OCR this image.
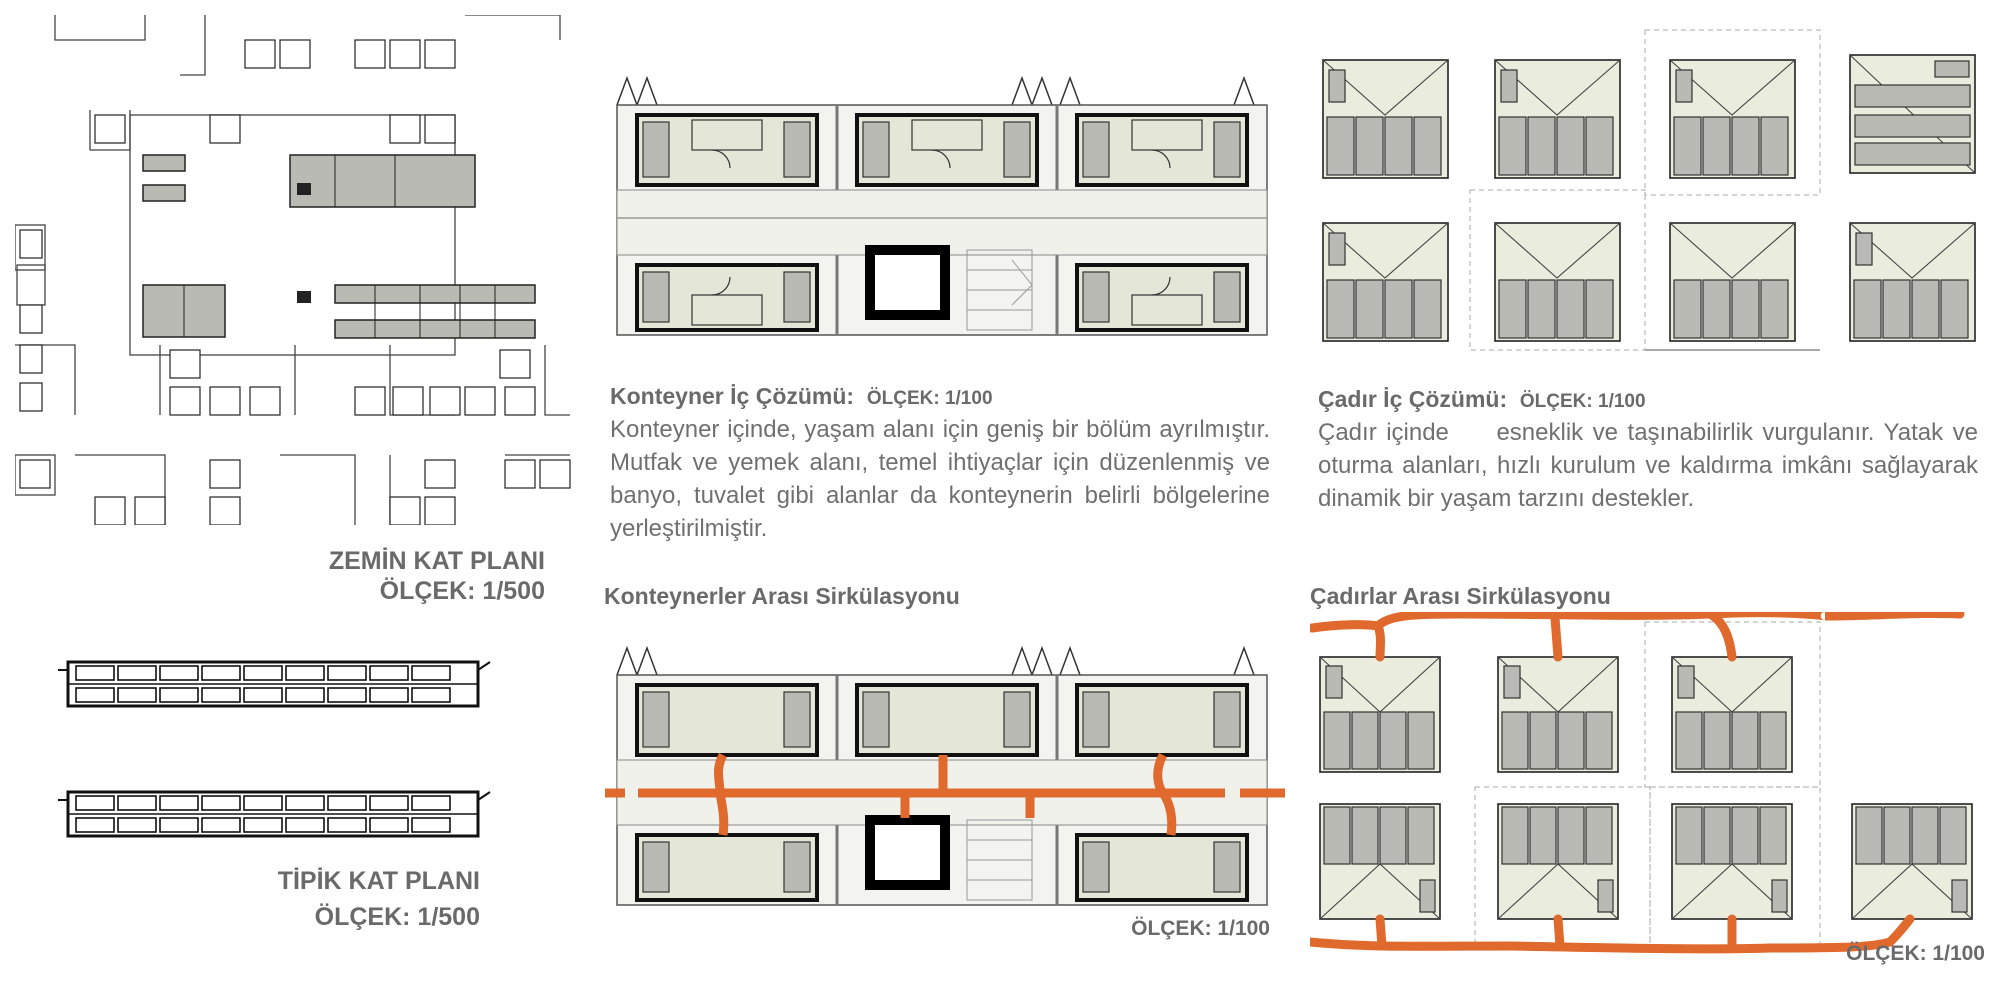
ZEMİN KAT PLANI
ÖLÇEK: 1/500
TİPİK KAT PLANI
ÖLÇEK: 1/500
Konteyner İç Çözümü: ÖLÇEK: 1/100
Konteyner içinde, yaşam alanı için geniş bir bölüm ayrılmıştır. Mutfak ve yemek alanı, temel ihtiyaçlar için düzenlenmiş ve banyo, tuvalet gibi alanlar da konteynerin belirli bölgelerine yerleştirilmiştir.
Çadır İç Çözümü: ÖLÇEK: 1/100
Çadır içinde     esneklik ve taşınabilirlik vurgulanır. Yatak ve oturma alanları, hızlı kurulum ve kaldırma imkânı sağlayarak dinamik bir yaşam tarzını destekler.
Konteynerler Arası Sirkülasyonu
ÖLÇEK: 1/100
Çadırlar Arası Sirkülasyonu
ÖLÇEK: 1/100
